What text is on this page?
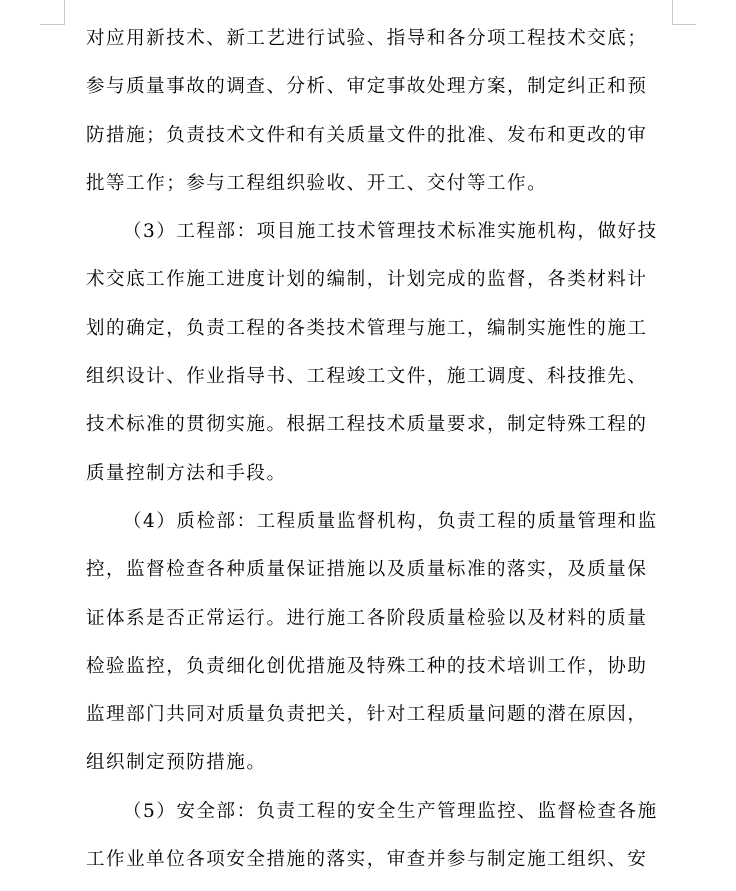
对应用新技术、新工艺进行试验、指导和各分项工程技术交底；
参与质量事故的调查、分析、审定事故处理方案，制定纠正和预
防措施；负责技术文件和有关质量文件的批准、发布和更改的审
批等工作；参与工程组织验收、开工、交付等工作。
（3）工程部：项目施工技术管理技术标准实施机构，做好技
术交底工作施工进度计划的编制，计划完成的监督，各类材料计
划的确定，负责工程的各类技术管理与施工，编制实施性的施工
组织设计、作业指导书、工程竣工文件，施工调度、科技推先、
技术标准的贯彻实施。根据工程技术质量要求，制定特殊工程的
质量控制方法和手段。
（4）质检部：工程质量监督机构，负责工程的质量管理和监
控，监督检查各种质量保证措施以及质量标准的落实，及质量保
证体系是否正常运行。进行施工各阶段质量检验以及材料的质量
检验监控，负责细化创优措施及特殊工种的技术培训工作，协助
监理部门共同对质量负责把关，针对工程质量问题的潜在原因，
组织制定预防措施。
（5）安全部：负责工程的安全生产管理监控、监督检查各施
工作业单位各项安全措施的落实，审查并参与制定施工组织、安
